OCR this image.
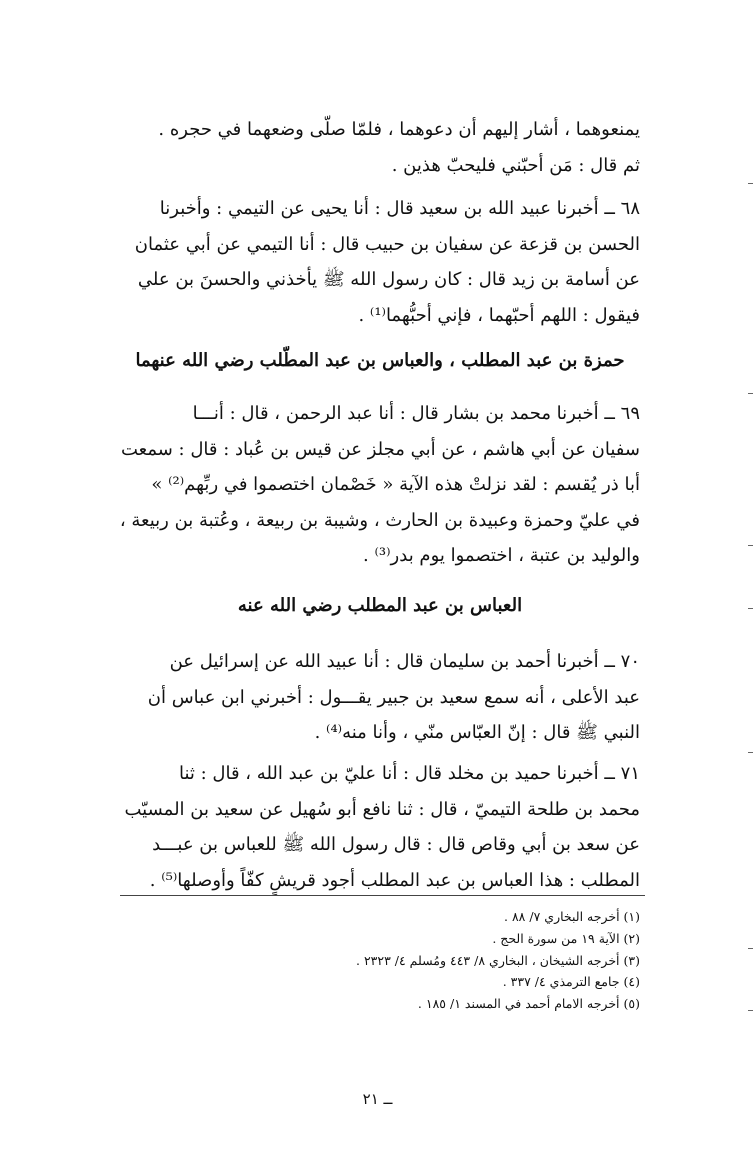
يمنعوهما ، أشار إليهم أن دعوهما ، فلمّا صلّى وضعهما في حجره .
ثم قال : مَن أحبّني فليحبّ هذين .
٦٨ ــ أخبرنا عبيد الله بن سعيد قال : أنا يحيى عن التيمي : وأخبرنا
الحسن بن قزعة عن سفيان بن حبيب قال : أنا التيمي عن أبي عثمان
عن أسامة بن زيد قال : كان رسول الله ﷺ يأخذني والحسنَ بن علي
فيقول : اللهم أحبّهما ، فإني أحبُّهما⁽¹⁾ .
حمزة بن عبد المطلب ، والعباس بن عبد المطّلب رضي الله عنهما
٦٩ ــ أخبرنا محمد بن بشار قال : أنا عبد الرحمن ، قال : أنـــا
سفيان عن أبي هاشم ، عن أبي مجلز عن قيس بن عُباد : قال : سمعت
أبا ذر يُقسم : لقد نزلتْ هذه الآية « خَصْمان اختصموا في ربِّهم⁽²⁾ »
في عليّ وحمزة وعبيدة بن الحارث ، وشيبة بن ربيعة ، وعُتبة بن ربيعة ،
والوليد بن عتبة ، اختصموا يوم بدر⁽³⁾ .
العباس بن عبد المطلب رضي الله عنه
٧٠ ــ أخبرنا أحمد بن سليمان قال : أنا عبيد الله عن إسرائيل عن
عبد الأعلى ، أنه سمع سعيد بن جبير يقـــول : أخبرني ابن عباس أن
النبي ﷺ قال : إنّ العبّاس منّي ، وأنا منه⁽⁴⁾ .
٧١ ــ أخبرنا حميد بن مخلد قال : أنا عليّ بن عبد الله ، قال : ثنا
محمد بن طلحة التيميّ ، قال : ثنا نافع أبو سُهيل عن سعيد بن المسيّب
عن سعد بن أبي وقاص قال : قال رسول الله ﷺ للعباس بن عبـــد
المطلب : هذا العباس بن عبد المطلب أجود قريشٍ كفّاً وأوصلها⁽⁵⁾ .
(١) أخرجه البخاري ٧/ ٨٨ .
(٢) الآية ١٩ من سورة الحج .
(٣) أخرجه الشيخان ، البخاري ٨/ ٤٤٣ ومُسلم ٤/ ٢٣٢٣ .
(٤) جامع الترمذي ٤/ ٣٣٧ .
(٥) أخرجه الامام أحمد في المسند ١/ ١٨٥ .
ــ ٢١
